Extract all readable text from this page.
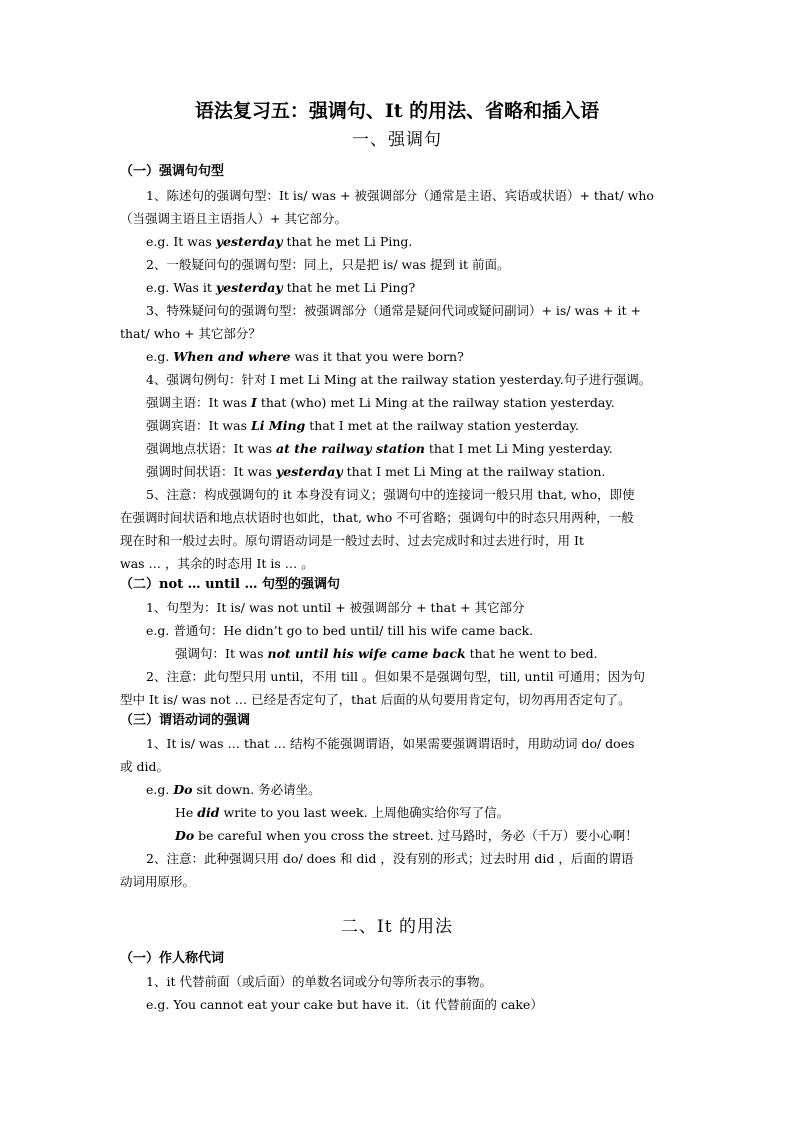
语法复习五：强调句、It 的用法、省略和插入语
一、强调句
（一）强调句句型
1、陈述句的强调句型：It is/ was + 被强调部分（通常是主语、宾语或状语）+ that/ who
（当强调主语且主语指人）+ 其它部分。
e.g. It was yesterday that he met Li Ping.
2、一般疑问句的强调句型：同上，只是把 is/ was 提到 it 前面。
e.g. Was it yesterday that he met Li Ping?
3、特殊疑问句的强调句型：被强调部分（通常是疑问代词或疑问副词）+ is/ was + it +
that/ who + 其它部分？
e.g. When and where was it that you were born?
4、强调句例句：针对 I met Li Ming at the railway station yesterday.句子进行强调。
强调主语：It was I that (who) met Li Ming at the railway station yesterday.
强调宾语：It was Li Ming that I met at the railway station yesterday.
强调地点状语：It was at the railway station that I met Li Ming yesterday.
强调时间状语：It was yesterday that I met Li Ming at the railway station.
5、注意：构成强调句的 it 本身没有词义；强调句中的连接词一般只用 that, who，即使
在强调时间状语和地点状语时也如此，that, who 不可省略；强调句中的时态只用两种，一般
现在时和一般过去时。原句谓语动词是一般过去时、过去完成时和过去进行时，用 It
was … ，其余的时态用 It is … 。
（二）not … until … 句型的强调句
1、句型为：It is/ was not until + 被强调部分 + that + 其它部分
e.g. 普通句：He didn’t go to bed until/ till his wife came back.
强调句：It was not until his wife came back that he went to bed.
2、注意：此句型只用 until，不用 till 。但如果不是强调句型，till, until 可通用；因为句
型中 It is/ was not … 已经是否定句了，that 后面的从句要用肯定句，切勿再用否定句了。
（三）谓语动词的强调
1、It is/ was … that … 结构不能强调谓语，如果需要强调谓语时，用助动词 do/ does
或 did。
e.g. Do sit down. 务必请坐。
He did write to you last week. 上周他确实给你写了信。
Do be careful when you cross the street. 过马路时，务必（千万）要小心啊！
2、注意：此种强调只用 do/ does 和 did ，没有别的形式；过去时用 did ，后面的谓语
动词用原形。
二、It 的用法
（一）作人称代词
1、it 代替前面（或后面）的单数名词或分句等所表示的事物。
e.g. You cannot eat your cake but have it.（it 代替前面的 cake）
